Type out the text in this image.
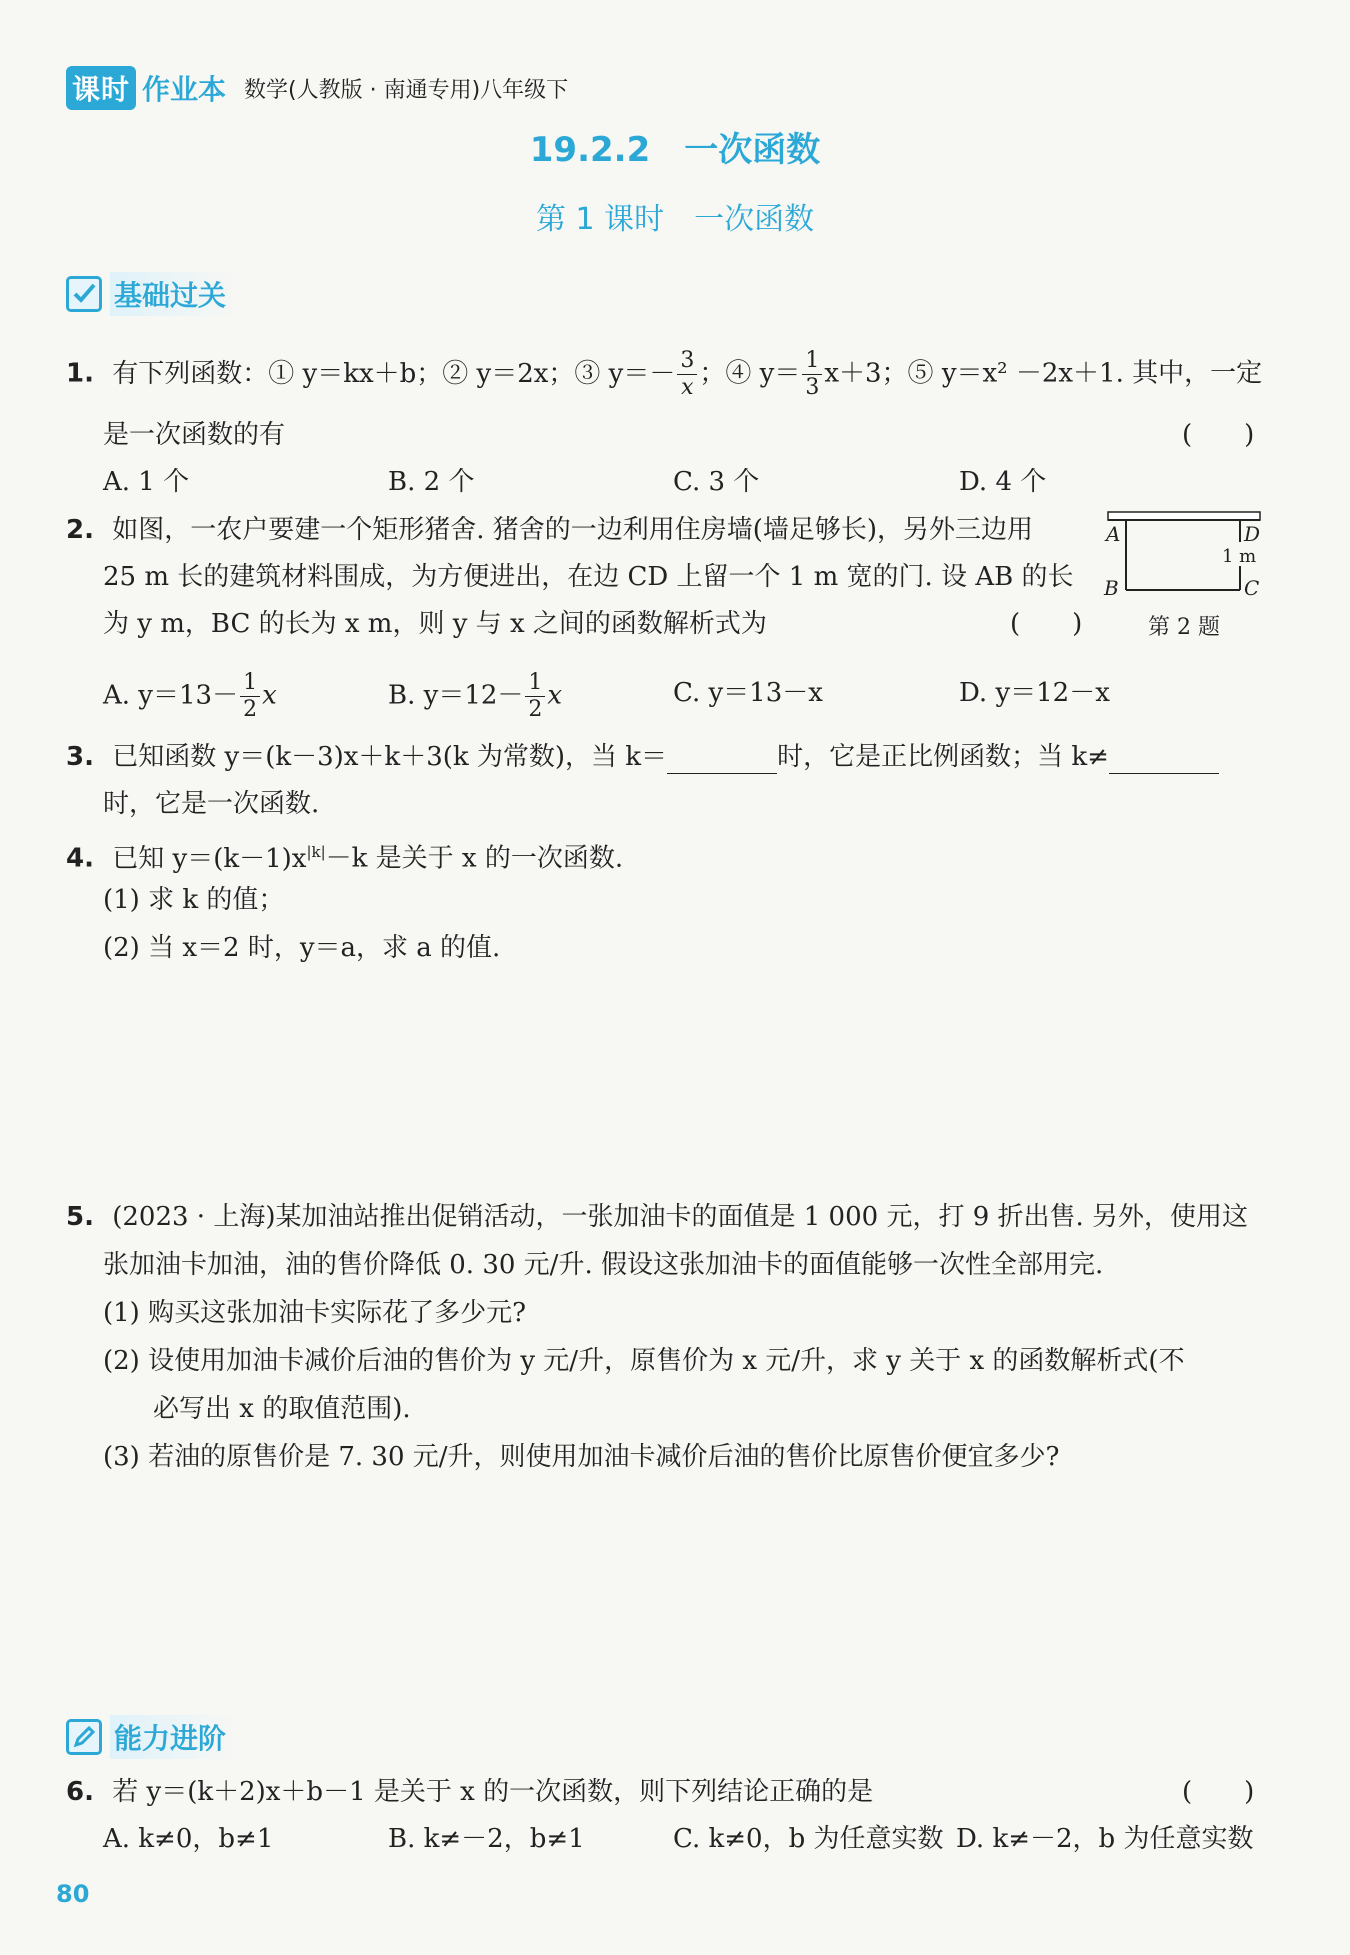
课时 作业本 数学(人教版 · 南通专用)八年级下
19.2.2　一次函数
第 1 课时　一次函数
基础过关
1. 有下列函数：① y＝kx＋b；② y＝2x；③ $y=- \frac{3}{x}$ ；④ $y= \frac{1}{3} x+3$；⑤ y＝x² －2x＋1. 其中，一定
是一次函数的有	(　　)
A. 1 个	B. 2 个	C. 3 个	D. 4 个
2. 如图，一农户要建一个矩形猪舍. 猪舍的一边利用住房墙(墙足够长)，另外三边用
25 m 长的建筑材料围成，为方便进出，在边 CD 上留一个 1 m 宽的门. 设 AB 的长
为 y m，BC 的长为 x m，则 y 与 x 之间的函数解析式为	(　　)
A
B
D
C
1 m
第 2 题
A. $y=13- \frac{1}{2}$ x	B. $y=12- \frac{1}{2}$ x	C. y＝13－x	D. y＝12－x
3. 已知函数 y＝(k－3)x＋k＋3(k 为常数)，当 k＝	时，它是正比例函数；当 k≠
时，它是一次函数.
4. 已知 $y=(k-1)x^{|k|}-k$ 是关于 x 的一次函数.
(1) 求 k 的值；
(2) 当 x＝2 时，y＝a，求 a 的值.
5. (2023 · 上海)某加油站推出促销活动，一张加油卡的面值是 1 000 元，打 9 折出售. 另外，使用这
张加油卡加油，油的售价降低 0. 30 元/升. 假设这张加油卡的面值能够一次性全部用完.
(1) 购买这张加油卡实际花了多少元?
(2) 设使用加油卡减价后油的售价为 y 元/升，原售价为 x 元/升，求 y 关于 x 的函数解析式(不
必写出 x 的取值范围).
(3) 若油的原售价是 7. 30 元/升，则使用加油卡减价后油的售价比原售价便宜多少?
能力进阶
6. 若 y＝(k＋2)x＋b－1 是关于 x 的一次函数，则下列结论正确的是	(　　)
A. k≠0，b≠1	B. k≠－2，b≠1	C. k≠0，b 为任意实数 D. k≠－2，b 为任意实数
80
